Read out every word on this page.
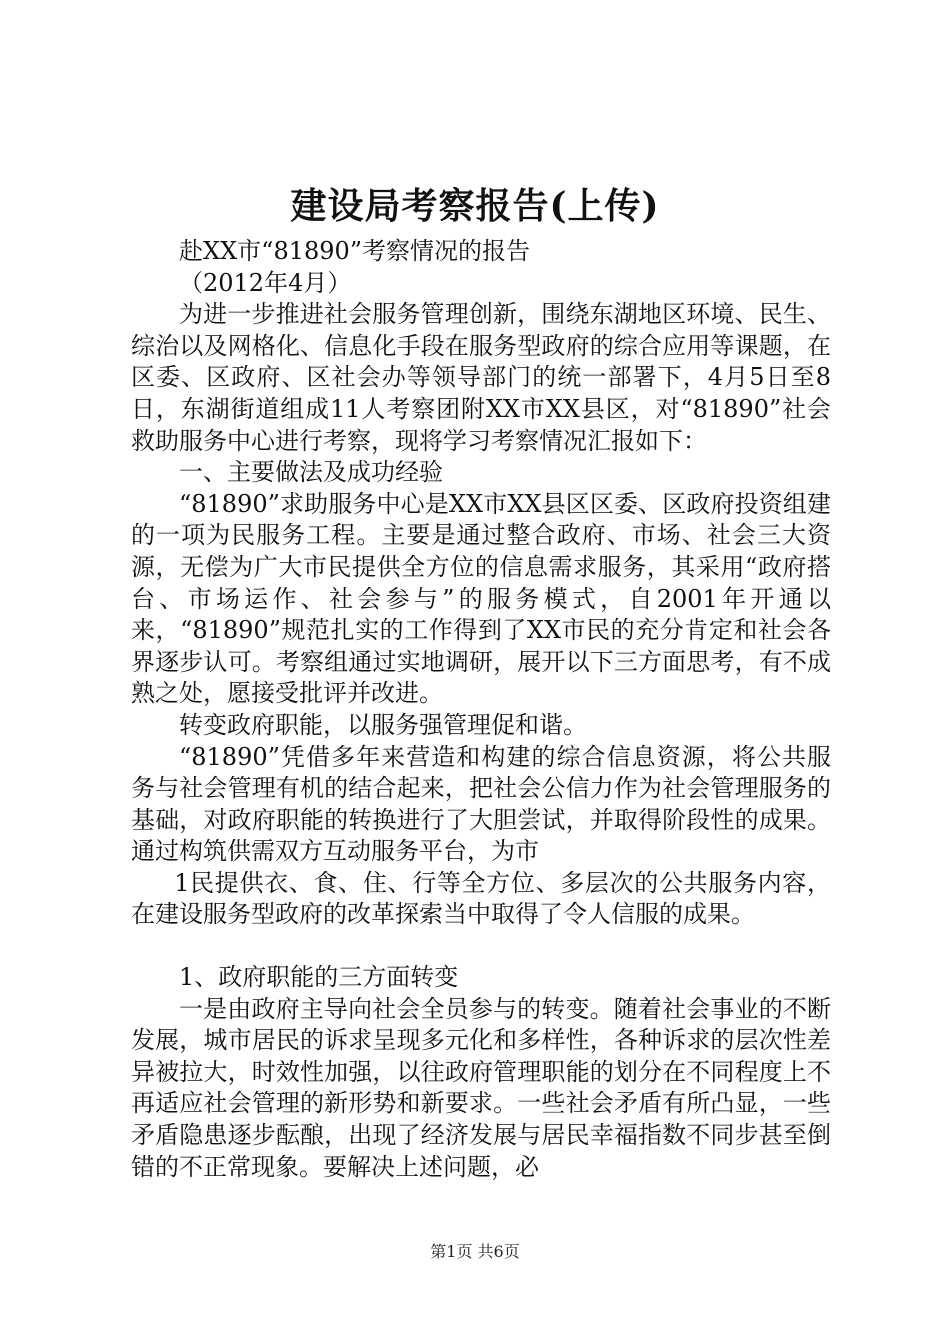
建设局考察报告(上传)

赴XX市“81890”考察情况的报告

（2012年4月）

为进一步推进社会服务管理创新，围绕东湖地区环境、民生、综治以及网格化、信息化手段在服务型政府的综合应用等课题，在区委、区政府、区社会办等领导部门的统一部署下，4月5日至8日，东湖街道组成11人考察团附XX市XX县区，对“81890”社会救助服务中心进行考察，现将学习考察情况汇报如下：

一、主要做法及成功经验

“81890”求助服务中心是XX市XX县区区委、区政府投资组建的一项为民服务工程。主要是通过整合政府、市场、社会三大资源，无偿为广大市民提供全方位的信息需求服务，其采用“政府搭台、市场运作、社会参与”的服务模式，自2001年开通以来，“81890”规范扎实的工作得到了XX市民的充分肯定和社会各界逐步认可。考察组通过实地调研，展开以下三方面思考，有不成熟之处，愿接受批评并改进。

转变政府职能，以服务强管理促和谐。

“81890”凭借多年来营造和构建的综合信息资源，将公共服务与社会管理有机的结合起来，把社会公信力作为社会管理服务的基础，对政府职能的转换进行了大胆尝试，并取得阶段性的成果。通过构筑供需双方互动服务平台，为市

1民提供衣、食、住、行等全方位、多层次的公共服务内容，在建设服务型政府的改革探索当中取得了令人信服的成果。

1、政府职能的三方面转变

一是由政府主导向社会全员参与的转变。随着社会事业的不断发展，城市居民的诉求呈现多元化和多样性，各种诉求的层次性差异被拉大，时效性加强，以往政府管理职能的划分在不同程度上不再适应社会管理的新形势和新要求。一些社会矛盾有所凸显，一些矛盾隐患逐步酝酿，出现了经济发展与居民幸福指数不同步甚至倒错的不正常现象。要解决上述问题，必

第1页 共6页
